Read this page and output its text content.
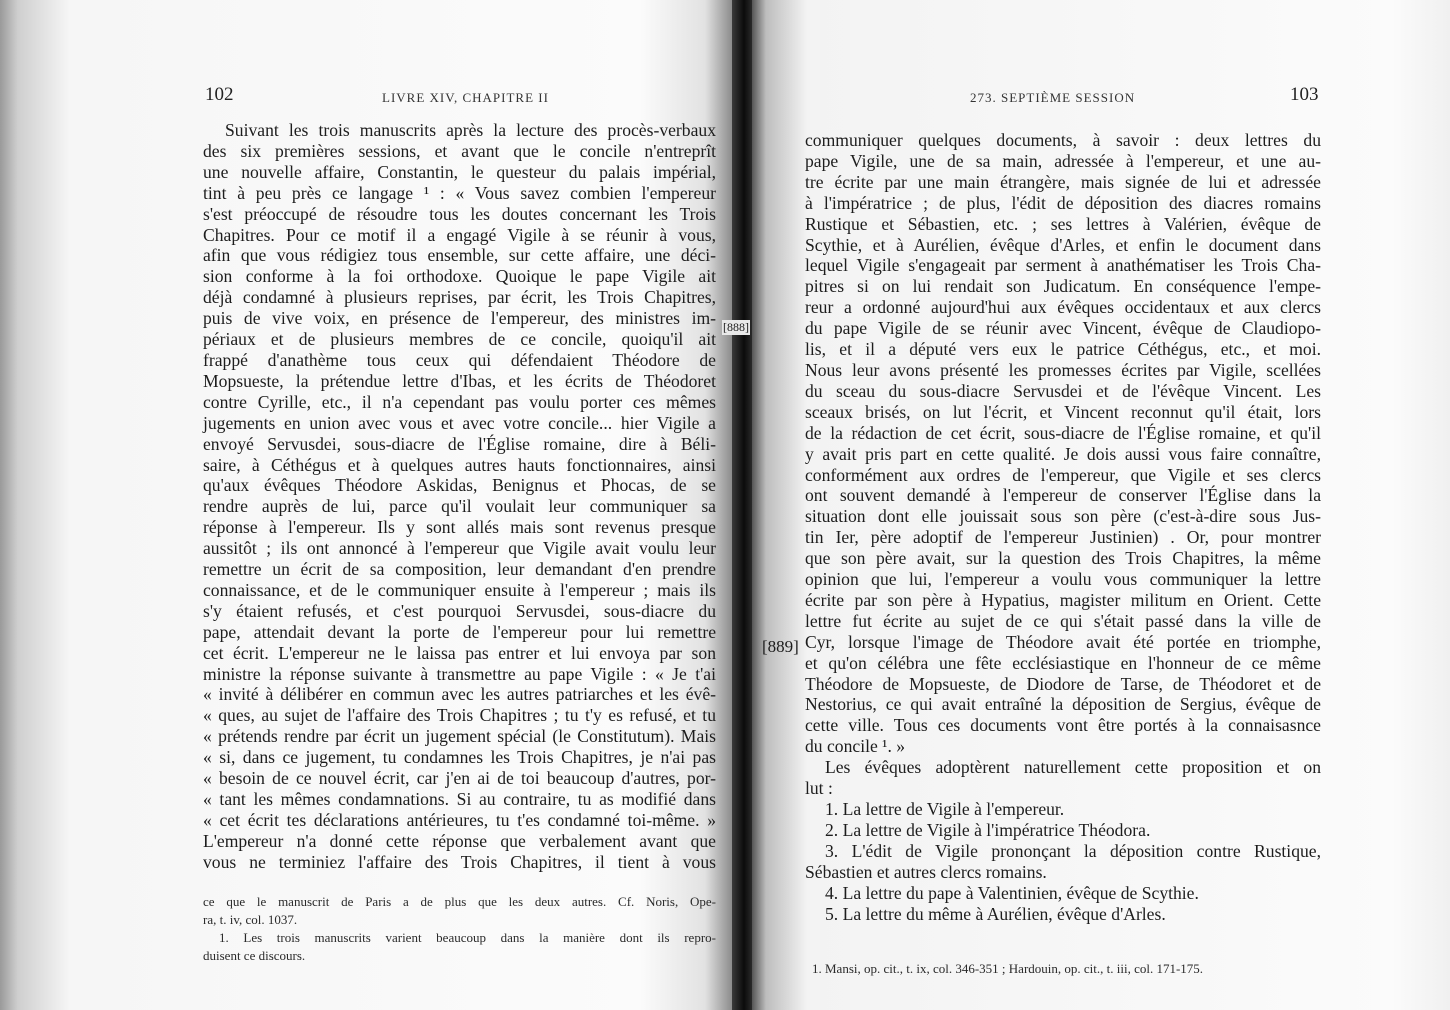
102	LIVRE XIV, CHAPITRE II
Suivant les trois manuscrits après la lecture des procès-verbaux
des six premières sessions, et avant que le concile n'entreprît
une nouvelle affaire, Constantin, le questeur du palais impérial,
tint à peu près ce langage ¹ : « Vous savez combien l'empereur
s'est préoccupé de résoudre tous les doutes concernant les Trois
Chapitres. Pour ce motif il a engagé Vigile à se réunir à vous,
afin que vous rédigiez tous ensemble, sur cette affaire, une déci-
sion conforme à la foi orthodoxe. Quoique le pape Vigile ait
déjà condamné à plusieurs reprises, par écrit, les Trois Chapitres,
puis de vive voix, en présence de l'empereur, des ministres im-
périaux et de plusieurs membres de ce concile, quoiqu'il ait
frappé d'anathème tous ceux qui défendaient Théodore de
Mopsueste, la prétendue lettre d'Ibas, et les écrits de Théodoret
contre Cyrille, etc., il n'a cependant pas voulu porter ces mêmes
jugements en union avec vous et avec votre concile... hier Vigile a
envoyé Servusdei, sous-diacre de l'Église romaine, dire à Béli-
saire, à Céthégus et à quelques autres hauts fonctionnaires, ainsi
qu'aux évêques Théodore Askidas, Benignus et Phocas, de se
rendre auprès de lui, parce qu'il voulait leur communiquer sa
réponse à l'empereur. Ils y sont allés mais sont revenus presque
aussitôt ; ils ont annoncé à l'empereur que Vigile avait voulu leur
remettre un écrit de sa composition, leur demandant d'en prendre
connaissance, et de le communiquer ensuite à l'empereur ; mais ils
s'y étaient refusés, et c'est pourquoi Servusdei, sous-diacre du
pape, attendait devant la porte de l'empereur pour lui remettre
cet écrit. L'empereur ne le laissa pas entrer et lui envoya par son
ministre la réponse suivante à transmettre au pape Vigile : « Je t'ai
« invité à délibérer en commun avec les autres patriarches et les évê-
« ques, au sujet de l'affaire des Trois Chapitres ; tu t'y es refusé, et tu
« prétends rendre par écrit un jugement spécial (le Constitutum). Mais
« si, dans ce jugement, tu condamnes les Trois Chapitres, je n'ai pas
« besoin de ce nouvel écrit, car j'en ai de toi beaucoup d'autres, por-
« tant les mêmes condamnations. Si au contraire, tu as modifié dans
« cet écrit tes déclarations antérieures, tu t'es condamné toi-même. »
L'empereur n'a donné cette réponse que verbalement avant que
vous ne terminiez l'affaire des Trois Chapitres, il tient à vous
ce que le manuscrit de Paris a de plus que les deux autres. Cf. Noris, Ope-
ra, t. iv, col. 1037.
1. Les trois manuscrits varient beaucoup dans la manière dont ils repro-
duisent ce discours.
273. SEPTIÈME SESSION	103
communiquer quelques documents, à savoir : deux lettres du
pape Vigile, une de sa main, adressée à l'empereur, et une au-
tre écrite par une main étrangère, mais signée de lui et adressée
à l'impératrice ; de plus, l'édit de déposition des diacres romains
Rustique et Sébastien, etc. ; ses lettres à Valérien, évêque de
Scythie, et à Aurélien, évêque d'Arles, et enfin le document dans
lequel Vigile s'engageait par serment à anathématiser les Trois Cha-
pitres si on lui rendait son Judicatum. En conséquence l'empe-
reur a ordonné aujourd'hui aux évêques occidentaux et aux clercs
du pape Vigile de se réunir avec Vincent, évêque de Claudiopo-
lis, et il a député vers eux le patrice Céthégus, etc., et moi.
Nous leur avons présenté les promesses écrites par Vigile, scellées
du sceau du sous-diacre Servusdei et de l'évêque Vincent. Les
sceaux brisés, on lut l'écrit, et Vincent reconnut qu'il était, lors
de la rédaction de cet écrit, sous-diacre de l'Église romaine, et qu'il
y avait pris part en cette qualité. Je dois aussi vous faire connaître,
conformément aux ordres de l'empereur, que Vigile et ses clercs
ont souvent demandé à l'empereur de conserver l'Église dans la
situation dont elle jouissait sous son père (c'est-à-dire sous Jus-
tin Ier, père adoptif de l'empereur Justinien) . Or, pour montrer
que son père avait, sur la question des Trois Chapitres, la même
opinion que lui, l'empereur a voulu vous communiquer la lettre
écrite par son père à Hypatius, magister militum en Orient. Cette
lettre fut écrite au sujet de ce qui s'était passé dans la ville de
Cyr, lorsque l'image de Théodore avait été portée en triomphe,
et qu'on célébra une fête ecclésiastique en l'honneur de ce même
Théodore de Mopsueste, de Diodore de Tarse, de Théodoret et de
Nestorius, ce qui avait entraîné la déposition de Sergius, évêque de
cette ville. Tous ces documents vont être portés à la connaisasnce
du concile ¹. »
Les évêques adoptèrent naturellement cette proposition et on
lut :
1. La lettre de Vigile à l'empereur.
2. La lettre de Vigile à l'impératrice Théodora.
3. L'édit de Vigile prononçant la déposition contre Rustique,
Sébastien et autres clercs romains.
4. La lettre du pape à Valentinien, évêque de Scythie.
5. La lettre du même à Aurélien, évêque d'Arles.
1. Mansi, op. cit., t. ix, col. 346-351 ; Hardouin, op. cit., t. iii, col. 171-175.
[888]
[889]
